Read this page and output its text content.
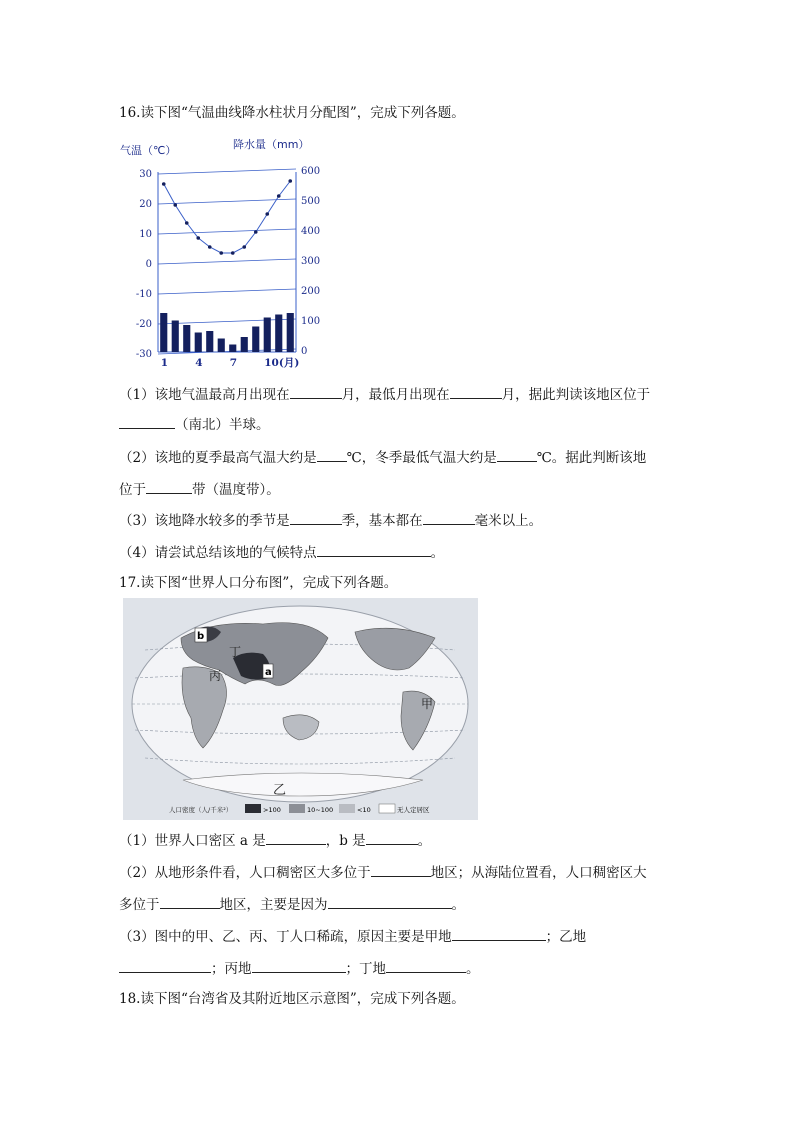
16.读下图“气温曲线降水柱状月分配图”，完成下列各题。
气温（℃）	降水量（mm）
30
20
10
0
-10
-20
-30
600
500
400
300
200
100
0
1	4	7	10(月)
（1）该地气温最高月出现在	月，最低月出现在	月，据此判读该地区位于
（南北）半球。
（2）该地的夏季最高气温大约是 ℃，冬季最低气温大约是	℃。据此判断该地
位于	带（温度带）。
（3）该地降水较多的季节是	季，基本都在	毫米以上。
（4）请尝试总结该地的气候特点	。
17.读下图“世界人口分布图”，完成下列各题。
b
a
丙
丁
甲
乙
人口密度（人/千米²）	>100	10~100	<10	无人定居区
（1）世界人口密区 a 是	，b 是	。
（2）从地形条件看，人口稠密区大多位于	地区；从海陆位置看，人口稠密区大
多位于	地区，主要是因为	。
（3）图中的甲、乙、丙、丁人口稀疏，原因主要是甲地	；乙地
；丙地	；丁地	。
18.读下图“台湾省及其附近地区示意图”，完成下列各题。
